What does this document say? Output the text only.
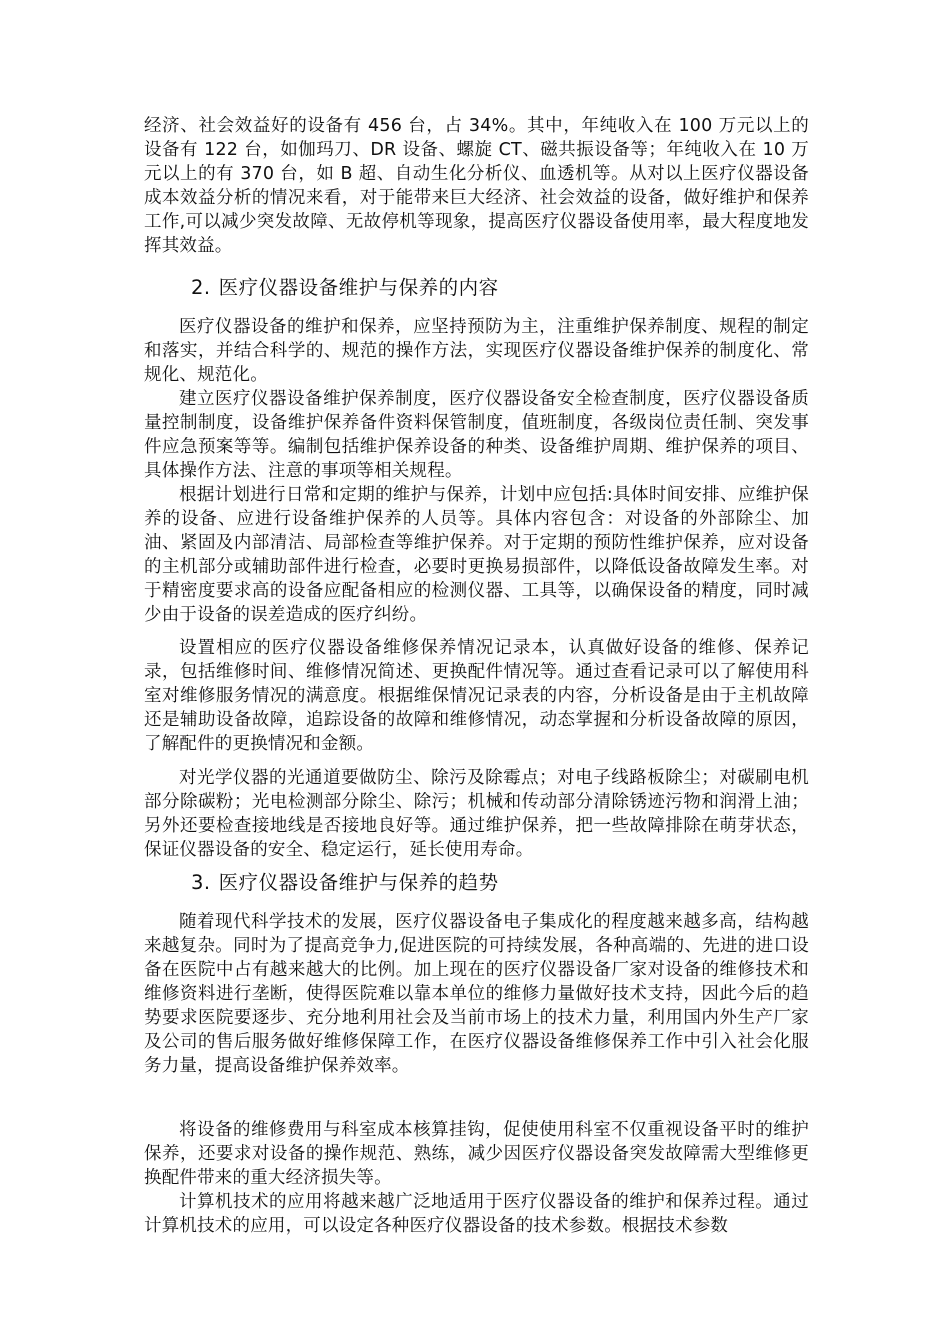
经济、社会效益好的设备有 456 台，占 34%。其中，年纯收入在 100 万元以上的设备有 122 台，如伽玛刀、DR 设备、螺旋 CT、磁共振设备等；年纯收入在 10 万元以上的有 370 台，如 B 超、自动生化分析仪、血透机等。从对以上医疗仪器设备成本效益分析的情况来看，对于能带来巨大经济、社会效益的设备，做好维护和保养工作,可以减少突发故障、无故停机等现象，提高医疗仪器设备使用率，最大程度地发挥其效益。

2. 医疗仪器设备维护与保养的内容

医疗仪器设备的维护和保养，应坚持预防为主，注重维护保养制度、规程的制定和落实，并结合科学的、规范的操作方法，实现医疗仪器设备维护保养的制度化、常规化、规范化。

建立医疗仪器设备维护保养制度，医疗仪器设备安全检查制度，医疗仪器设备质量控制制度，设备维护保养备件资料保管制度，值班制度，各级岗位责任制、突发事件应急预案等等。编制包括维护保养设备的种类、设备维护周期、维护保养的项目、具体操作方法、注意的事项等相关规程。

根据计划进行日常和定期的维护与保养，计划中应包括:具体时间安排、应维护保养的设备、应进行设备维护保养的人员等。具体内容包含：对设备的外部除尘、加油、紧固及内部清洁、局部检查等维护保养。对于定期的预防性维护保养，应对设备的主机部分或辅助部件进行检查，必要时更换易损部件，以降低设备故障发生率。对于精密度要求高的设备应配备相应的检测仪器、工具等，以确保设备的精度，同时减少由于设备的误差造成的医疗纠纷。

设置相应的医疗仪器设备维修保养情况记录本，认真做好设备的维修、保养记录，包括维修时间、维修情况简述、更换配件情况等。通过查看记录可以了解使用科室对维修服务情况的满意度。根据维保情况记录表的内容，分析设备是由于主机故障还是辅助设备故障，追踪设备的故障和维修情况，动态掌握和分析设备故障的原因，了解配件的更换情况和金额。

对光学仪器的光通道要做防尘、除污及除霉点；对电子线路板除尘；对碳刷电机部分除碳粉；光电检测部分除尘、除污；机械和传动部分清除锈迹污物和润滑上油；另外还要检查接地线是否接地良好等。通过维护保养，把一些故障排除在萌芽状态，保证仪器设备的安全、稳定运行，延长使用寿命。

3. 医疗仪器设备维护与保养的趋势

随着现代科学技术的发展，医疗仪器设备电子集成化的程度越来越多高，结构越来越复杂。同时为了提高竞争力,促进医院的可持续发展，各种高端的、先进的进口设备在医院中占有越来越大的比例。加上现在的医疗仪器设备厂家对设备的维修技术和维修资料进行垄断，使得医院难以靠本单位的维修力量做好技术支持，因此今后的趋势要求医院要逐步、充分地利用社会及当前市场上的技术力量，利用国内外生产厂家及公司的售后服务做好维修保障工作，在医疗仪器设备维修保养工作中引入社会化服务力量，提高设备维护保养效率。

将设备的维修费用与科室成本核算挂钩，促使使用科室不仅重视设备平时的维护保养，还要求对设备的操作规范、熟练，减少因医疗仪器设备突发故障需大型维修更换配件带来的重大经济损失等。

计算机技术的应用将越来越广泛地适用于医疗仪器设备的维护和保养过程。通过计算机技术的应用，可以设定各种医疗仪器设备的技术参数。根据技术参数
